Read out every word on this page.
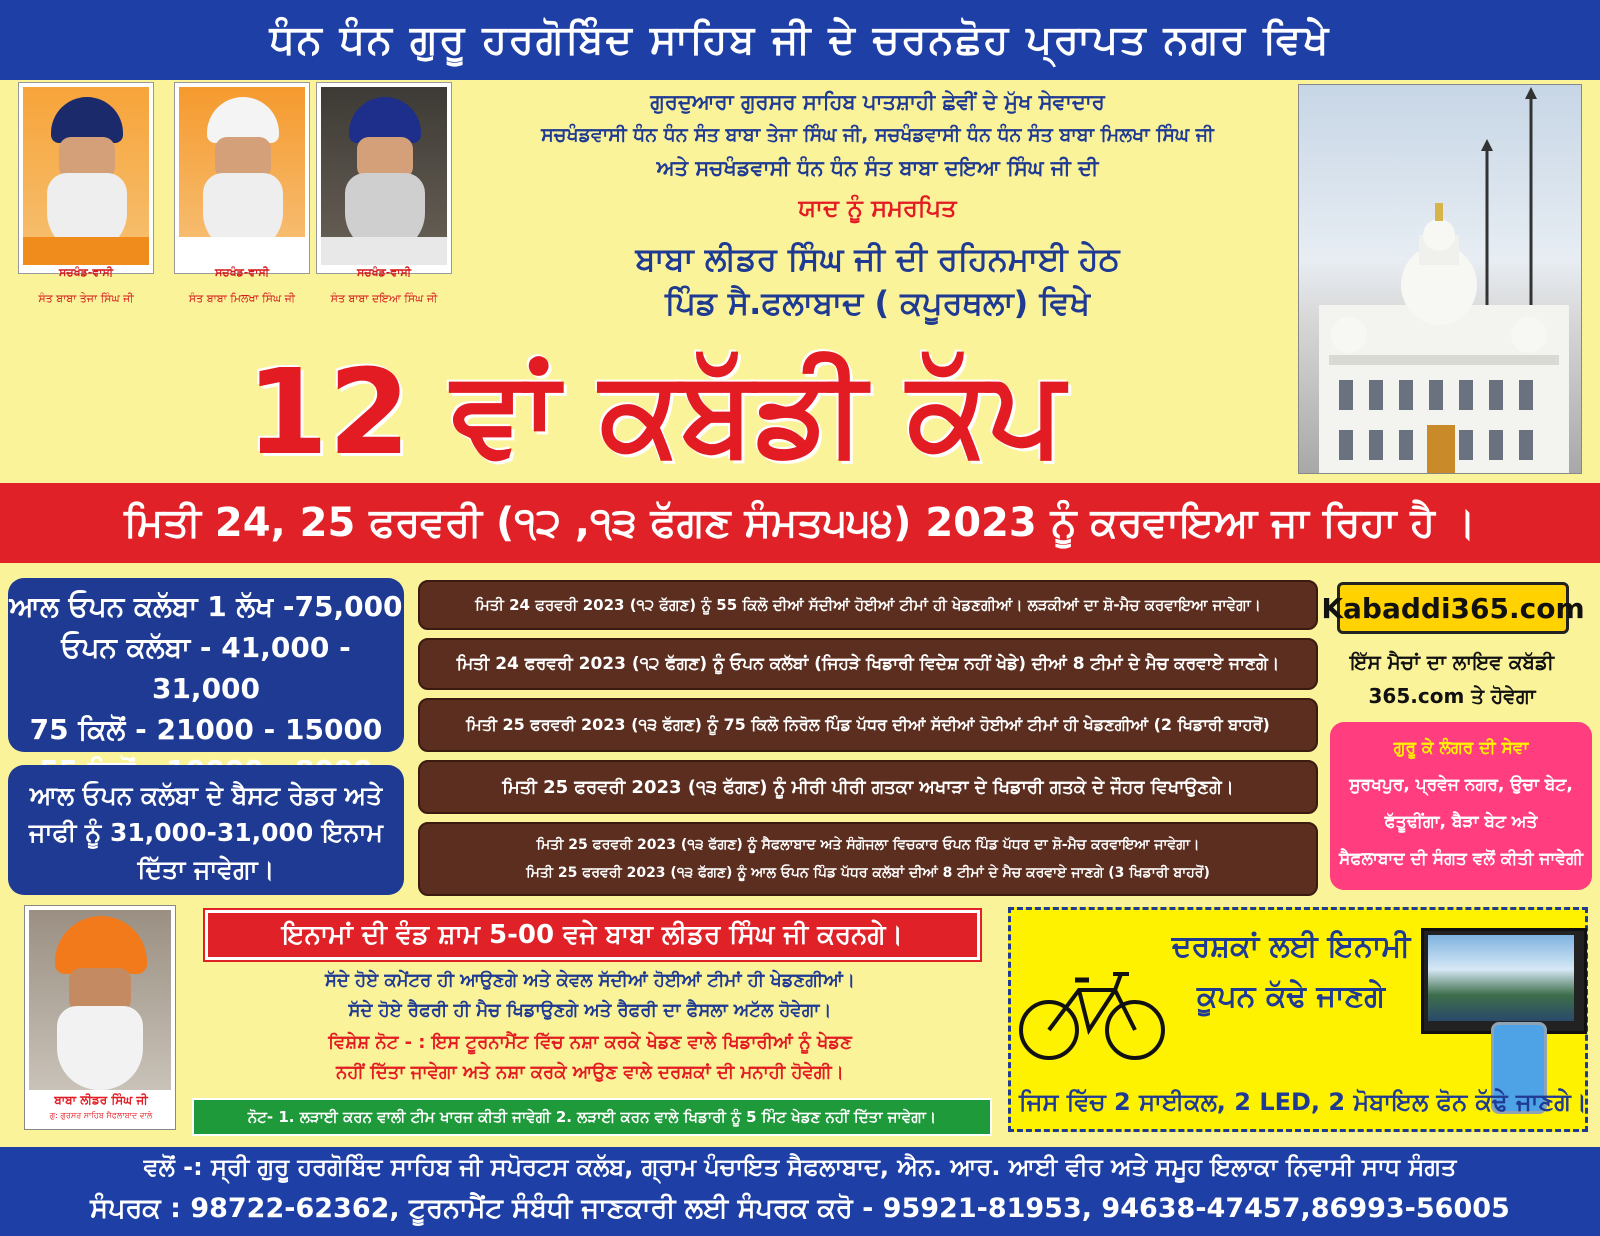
ਧੰਨ ਧੰਨ ਗੁਰੂ ਹਰਗੋਬਿੰਦ ਸਾਹਿਬ ਜੀ ਦੇ ਚਰਨਛੋਹ ਪ੍ਰਾਪਤ ਨਗਰ ਵਿਖੇ
ਸਚਖੰਡ-ਵਾਸੀ	ਸਚਖੰਡ-ਵਾਸੀ	ਸਚਖੰਡ-ਵਾਸੀ
ਸੰਤ ਬਾਬਾ ਤੇਜਾ ਸਿੰਘ ਜੀ	ਸੰਤ ਬਾਬਾ ਮਿਲਖਾ ਸਿੰਘ ਜੀ	ਸੰਤ ਬਾਬਾ ਦਇਆ ਸਿੰਘ ਜੀ
ਗੁਰਦੁਆਰਾ ਗੁਰਸਰ ਸਾਹਿਬ ਪਾਤਸ਼ਾਹੀ ਛੇਵੀਂ ਦੇ ਮੁੱਖ ਸੇਵਾਦਾਰ
ਸਚਖੰਡਵਾਸੀ ਧੰਨ ਧੰਨ ਸੰਤ ਬਾਬਾ ਤੇਜਾ ਸਿੰਘ ਜੀ, ਸਚਖੰਡਵਾਸੀ ਧੰਨ ਧੰਨ ਸੰਤ ਬਾਬਾ ਮਿਲਖਾ ਸਿੰਘ ਜੀ
ਅਤੇ ਸਚਖੰਡਵਾਸੀ ਧੰਨ ਧੰਨ ਸੰਤ ਬਾਬਾ ਦਇਆ ਸਿੰਘ ਜੀ ਦੀ
ਯਾਦ ਨੂੰ ਸਮਰਪਿਤ
ਬਾਬਾ ਲੀਡਰ ਸਿੰਘ ਜੀ ਦੀ ਰਹਿਨਮਾਈ ਹੇਠ
ਪਿੰਡ ਸੈ.ਫਲਾਬਾਦ ( ਕਪੂਰਥਲਾ) ਵਿਖੇ
12 ਵਾਂ ਕਬੱਡੀ ਕੱਪ
ਮਿਤੀ 24, 25 ਫਰਵਰੀ (੧੨ ,੧੩ ਫੱਗਣ ਸੰਮਤ੫੫੪) 2023 ਨੂੰ ਕਰਵਾਇਆ ਜਾ ਰਿਹਾ ਹੈ ।
ਆਲ ਓਪਨ ਕਲੱਬਾ 1 ਲੱਖ -75,000
ਓਪਨ ਕਲੱਬਾ - 41,000 - 31,000
75 ਕਿਲੋਂ - 21000 - 15000
ਆਲ ਓਪਨ ਕਲੱਬਾ ਦੇ ਬੈਸਟ ਰੇਡਰ ਅਤੇ
ਜਾਫੀ ਨੂੰ 31,000-31,000 ਇਨਾਮ
ਦਿੱਤਾ ਜਾਵੇਗਾ।
ਮਿਤੀ 24 ਫਰਵਰੀ 2023 (੧੨ ਫੱਗਣ) ਨੂੰ 55 ਕਿਲੋ ਦੀਆਂ ਸੱਦੀਆਂ ਹੋਈਆਂ ਟੀਮਾਂ ਹੀ ਖੇਡਣਗੀਆਂ। ਲੜਕੀਆਂ ਦਾ ਸ਼ੋ-ਮੈਚ ਕਰਵਾਇਆ ਜਾਵੇਗਾ।
ਮਿਤੀ 24 ਫਰਵਰੀ 2023 (੧੨ ਫੱਗਣ) ਨੂੰ ਓਪਨ ਕਲੱਬਾਂ (ਜਿਹੜੇ ਖਿਡਾਰੀ ਵਿਦੇਸ਼ ਨਹੀਂ ਖੇਡੇ) ਦੀਆਂ 8 ਟੀਮਾਂ ਦੇ ਮੈਚ ਕਰਵਾਏ ਜਾਣਗੇ।
ਮਿਤੀ 25 ਫਰਵਰੀ 2023 (੧੩ ਫੱਗਣ) ਨੂੰ 75 ਕਿਲੋ ਨਿਰੋਲ ਪਿੰਡ ਪੱਧਰ ਦੀਆਂ ਸੱਦੀਆਂ ਹੋਈਆਂ ਟੀਮਾਂ ਹੀ ਖੇਡਣਗੀਆਂ (2 ਖਿਡਾਰੀ ਬਾਹਰੋਂ)
ਮਿਤੀ 25 ਫਰਵਰੀ 2023 (੧੩ ਫੱਗਣ) ਨੂੰ ਮੀਰੀ ਪੀਰੀ ਗਤਕਾ ਅਖਾੜਾ ਦੇ ਖਿਡਾਰੀ ਗਤਕੇ ਦੇ ਜੌਹਰ ਵਿਖਾਉਣਗੇ।
ਮਿਤੀ 25 ਫਰਵਰੀ 2023 (੧੩ ਫੱਗਣ) ਨੂੰ ਸੈਫਲਾਬਾਦ ਅਤੇ ਸੰਗੋਜਲਾ ਵਿਚਕਾਰ ਓਪਨ ਪਿੰਡ ਪੱਧਰ ਦਾ ਸ਼ੋ-ਮੈਚ ਕਰਵਾਇਆ ਜਾਵੇਗਾ।
ਮਿਤੀ 25 ਫਰਵਰੀ 2023 (੧੩ ਫੱਗਣ) ਨੂੰ ਆਲ ਓਪਨ ਪਿੰਡ ਪੱਧਰ ਕਲੱਬਾਂ ਦੀਆਂ 8 ਟੀਮਾਂ ਦੇ ਮੈਚ ਕਰਵਾਏ ਜਾਣਗੇ (3 ਖਿਡਾਰੀ ਬਾਹਰੋਂ)
Kabaddi365.com
ਇੱਸ ਮੈਚਾਂ ਦਾ ਲਾਇਵ ਕਬੱਡੀ
365.com ਤੇ ਹੋਵੇਗਾ
ਗੁਰੂ ਕੇ ਲੰਗਰ ਦੀ ਸੇਵਾ
ਸੁਰਖਪੁਰ, ਪ੍ਰਵੇਜ ਨਗਰ, ਉਚਾ ਬੇਟ,
ਫੱਤੂਢੀਂਗਾ, ਬੈੜਾ ਬੇਟ ਅਤੇ
ਸੈਫਲਾਬਾਦ ਦੀ ਸੰਗਤ ਵਲੋਂ ਕੀਤੀ ਜਾਵੇਗੀ
ਬਾਬਾ ਲੀਡਰ ਸਿੰਘ ਜੀ
ਗੁ: ਗੁਰਸਰ ਸਾਹਿਬ ਸੈਫਲਾਬਾਦ ਵਾਲੇ
ਇਨਾਮਾਂ ਦੀ ਵੰਡ ਸ਼ਾਮ 5-00 ਵਜੇ ਬਾਬਾ ਲੀਡਰ ਸਿੰਘ ਜੀ ਕਰਨਗੇ।
ਸੱਦੇ ਹੋਏ ਕਮੇਂਟਰ ਹੀ ਆਉਣਗੇ ਅਤੇ ਕੇਵਲ ਸੱਦੀਆਂ ਹੋਈਆਂ ਟੀਮਾਂ ਹੀ ਖੇਡਣਗੀਆਂ।
ਸੱਦੇ ਹੋਏ ਰੈਫਰੀ ਹੀ ਮੈਚ ਖਿਡਾਉਣਗੇ ਅਤੇ ਰੈਫਰੀ ਦਾ ਫੈਸਲਾ ਅਟੱਲ ਹੋਵੇਗਾ।
ਵਿਸ਼ੇਸ਼ ਨੋਟ - : ਇਸ ਟੂਰਨਾਮੈਂਟ ਵਿੱਚ ਨਸ਼ਾ ਕਰਕੇ ਖੇਡਣ ਵਾਲੇ ਖਿਡਾਰੀਆਂ ਨੂੰ ਖੇਡਣ
ਨਹੀਂ ਦਿੱਤਾ ਜਾਵੇਗਾ ਅਤੇ ਨਸ਼ਾ ਕਰਕੇ ਆਉਣ ਵਾਲੇ ਦਰਸ਼ਕਾਂ ਦੀ ਮਨਾਹੀ ਹੋਵੇਗੀ।
ਨੋਟ- 1. ਲੜਾਈ ਕਰਨ ਵਾਲੀ ਟੀਮ ਖਾਰਜ ਕੀਤੀ ਜਾਵੇਗੀ 2. ਲੜਾਈ ਕਰਨ ਵਾਲੇ ਖਿਡਾਰੀ ਨੂੰ 5 ਮਿੰਟ ਖੇਡਣ ਨਹੀਂ ਦਿੱਤਾ ਜਾਵੇਗਾ।
ਦਰਸ਼ਕਾਂ ਲਈ ਇਨਾਮੀ
ਕੂਪਨ ਕੱਢੇ ਜਾਣਗੇ
ਜਿਸ ਵਿੱਚ 2 ਸਾਈਕਲ, 2 LED, 2 ਮੋਬਾਇਲ ਫੋਨ ਕੱਢੇ ਜਾਣਗੇ।
ਵਲੋਂ -: ਸ੍ਰੀ ਗੁਰੂ ਹਰਗੋਬਿੰਦ ਸਾਹਿਬ ਜੀ ਸਪੋਰਟਸ ਕਲੱਬ, ਗ੍ਰਾਮ ਪੰਚਾਇਤ ਸੈਫਲਾਬਾਦ, ਐਨ. ਆਰ. ਆਈ ਵੀਰ ਅਤੇ ਸਮੂਹ ਇਲਾਕਾ ਨਿਵਾਸੀ ਸਾਧ ਸੰਗਤ
ਸੰਪਰਕ : 98722-62362, ਟੂਰਨਾਮੈਂਟ ਸੰਬੰਧੀ ਜਾਣਕਾਰੀ ਲਈ ਸੰਪਰਕ ਕਰੋ - 95921-81953, 94638-47457,86993-56005
